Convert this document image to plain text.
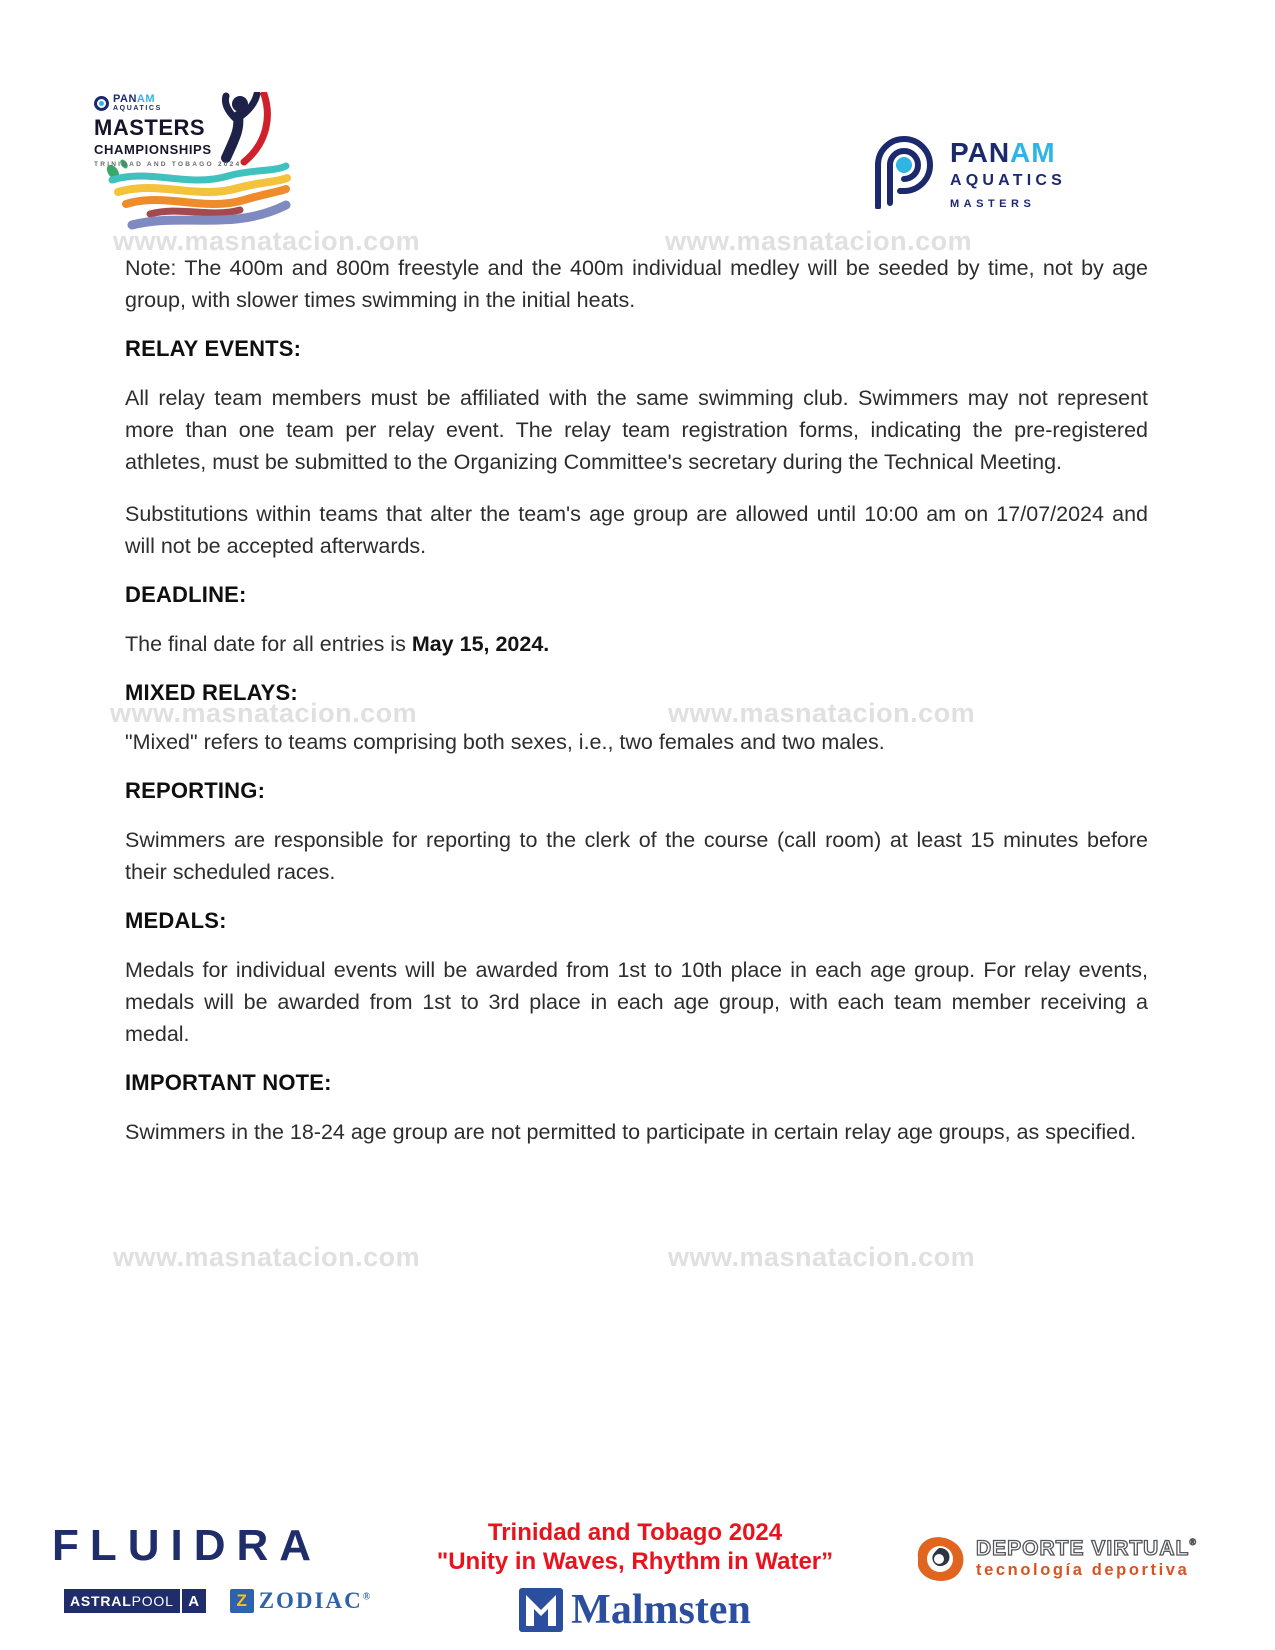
www.masnatacion.com	www.masnatacion.com
www.masnatacion.com	www.masnatacion.com
www.masnatacion.com	www.masnatacion.com
PANAM
AQUATICS
MASTERS
CHAMPIONSHIPS
TRINIDAD AND TOBAGO 2024	PANAM
AQUATICS
MASTERS

Note: The 400m and 800m freestyle and the 400m individual medley will be seeded by time, not by age group, with slower times swimming in the initial heats.

RELAY EVENTS:

All relay team members must be affiliated with the same swimming club. Swimmers may not represent more than one team per relay event. The relay team registration forms, indicating the pre-registered athletes, must be submitted to the Organizing Committee's secretary during the Technical Meeting.

Substitutions within teams that alter the team's age group are allowed until 10:00 am on 17/07/2024 and will not be accepted afterwards.

DEADLINE:

The final date for all entries is May 15, 2024.

MIXED RELAYS:

"Mixed" refers to teams comprising both sexes, i.e., two females and two males.

REPORTING:

Swimmers are responsible for reporting to the clerk of the course (call room) at least 15 minutes before their scheduled races.

MEDALS:

Medals for individual events will be awarded from 1st to 10th place in each age group. For relay events, medals will be awarded from 1st to 3rd place in each age group, with each team member receiving a medal.

IMPORTANT NOTE:

Swimmers in the 18-24 age group are not permitted to participate in certain relay age groups, as specified.

FLUIDRA
ASTRAL POOL A	Z ZODIAC®
Trinidad and Tobago 2024
"Unity in Waves, Rhythm in Water”
Malmsten
DEPORTE VIRTUAL®
tecnología deportiva
